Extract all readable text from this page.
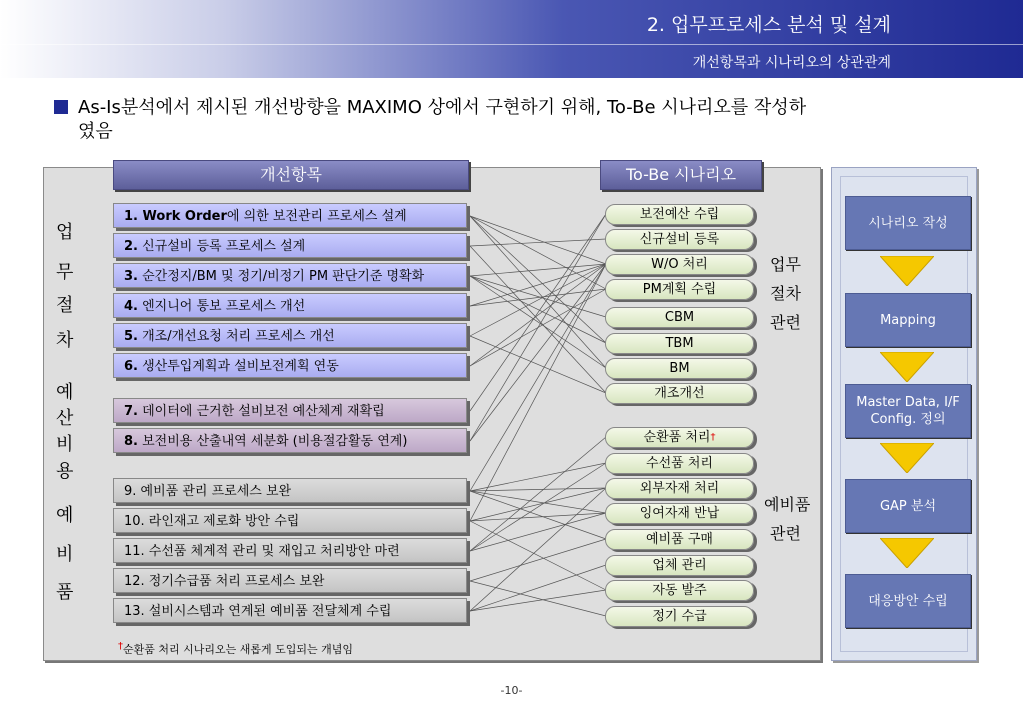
2. 업무프로세스 분석 및 설계
개선항목과 시나리오의 상관관계
As-Is분석에서 제시된 개선방향을 MAXIMO 상에서 구현하기 위해, To-Be 시나리오를 작성하
였음
개선항목	To-Be 시나리오
업
무
절
차
예
산
비
용
예
비
품
1. Work Order에 의한 보전관리 프로세스 설계
2. 신규설비 등록 프로세스 설계
3. 순간정지/BM 및 정기/비정기 PM 판단기준 명확화
4. 엔지니어 통보 프로세스 개선
5. 개조/개선요청 처리 프로세스 개선
6. 생산투입계획과 설비보전계획 연동
7. 데이터에 근거한 설비보전 예산체계 재확립
8. 보전비용 산출내역 세분화 (비용절감활동 연계)
9. 예비품 관리 프로세스 보완
10. 라인재고 제로화 방안 수립
11. 수선품 체계적 관리 및 재입고 처리방안 마련
12. 정기수급품 처리 프로세스 보완
13. 설비시스템과 연계된 예비품 전달체계 수립
보전예산 수립
신규설비 등록
W/O 처리
PM계획 수립
CBM
TBM
BM
개조개선
순환품 처리†
수선품 처리
외부자재 처리
잉여자재 반납
예비품 구매
업체 관리
자동 발주
정기 수급
업무
절차
관련
예비품
관련
†순환품 처리 시나리오는 새롭게 도입되는 개념임
시나리오 작성
Mapping
Master Data, I/F Config. 정의
GAP 분석
대응방안 수립
-10-
